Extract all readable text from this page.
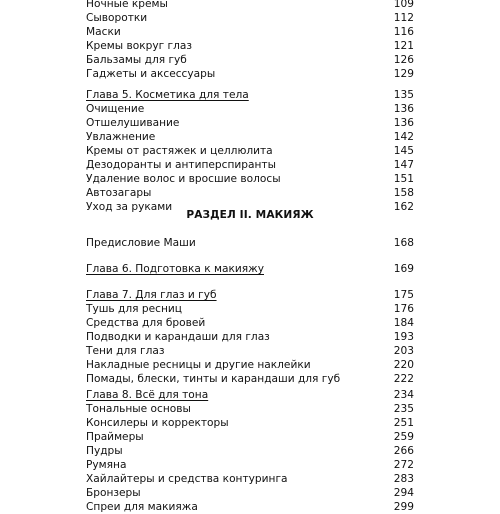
Ночные кремы	109
Сыворотки	112
Маски	116
Кремы вокруг глаз	121
Бальзамы для губ	126
Гаджеты и аксессуары	129
Глава 5. Косметика для тела	135
Очищение	136
Отшелушивание	136
Увлажнение	142
Кремы от растяжек и целлюлита	145
Дезодоранты и антиперспиранты	147
Удаление волос и вросшие волосы	151
Автозагары	158
Уход за руками	162
РАЗДЕЛ II. МАКИЯЖ
Предисловие Маши	168
Глава 6. Подготовка к макияжу	169
Глава 7. Для глаз и губ	175
Тушь для ресниц	176
Средства для бровей	184
Подводки и карандаши для глаз	193
Тени для глаз	203
Накладные ресницы и другие наклейки	220
Помады, блески, тинты и карандаши для губ	222
Глава 8. Всё для тона	234
Тональные основы	235
Консилеры и корректоры	251
Праймеры	259
Пудры	266
Румяна	272
Хайлайтеры и средства контуринга	283
Бронзеры	294
Спреи для макияжа	299
